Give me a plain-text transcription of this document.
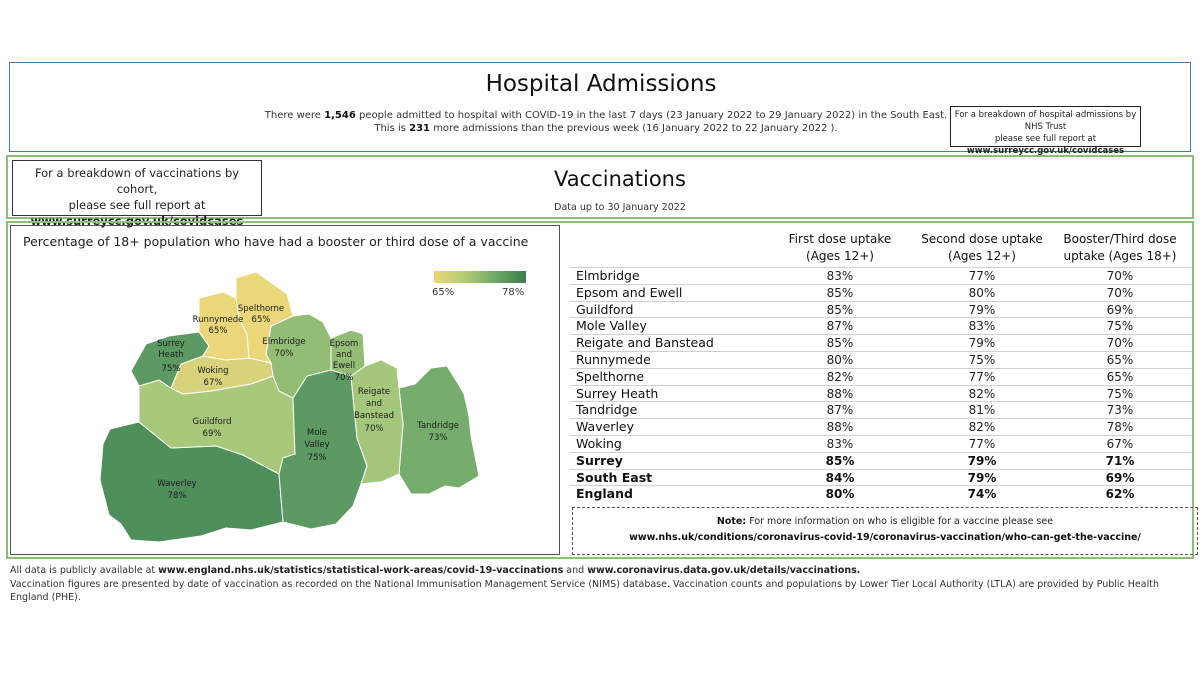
Hospital Admissions
There were 1,546 people admitted to hospital with COVID-19 in the last 7 days (23 January 2022 to 29 January 2022) in the South East.
This is 231 more admissions than the previous week (16 January 2022 to 22 January 2022 ).
For a breakdown of hospital admissions by NHS Trust
please see full report at
www.surreycc.gov.uk/covidcases
For a breakdown of vaccinations by cohort,
please see full report at
www.surreycc.gov.uk/covidcases
Vaccinations
Data up to 30 January 2022
Percentage of 18+ population who have had a booster or third dose of a vaccine
65%	78%
Runnymede
65%
Spelthorne
65%
Surrey
Heath
75%
Elmbridge
70%
Epsom
and
Ewell
70%
Woking
67%
Reigate
and
Banstead
70%
Guildford
69%	Mole
Valley
75%
Tandridge
73%
Waverley
78%
First dose uptake
(Ages 12+)
Second dose uptake
(Ages 12+)
Booster/Third dose
uptake (Ages 18+)
Elmbridge	83%	77%	70%
Epsom and Ewell	85%	80%	70%
Guildford	85%	79%	69%
Mole Valley	87%	83%	75%
Reigate and Banstead	85%	79%	70%
Runnymede	80%	75%	65%
Spelthorne	82%	77%	65%
Surrey Heath	88%	82%	75%
Tandridge	87%	81%	73%
Waverley	88%	82%	78%
Woking	83%	77%	67%
Surrey	85%	79%	71%
South East	84%	79%	69%
England	80%	74%	62%
Note: For more information on who is eligible for a vaccine please see
www.nhs.uk/conditions/coronavirus-covid-19/coronavirus-vaccination/who-can-get-the-vaccine/
All data is publicly available at www.england.nhs.uk/statistics/statistical-work-areas/covid-19-vaccinations and www.coronavirus.data.gov.uk/details/vaccinations.
Vaccination figures are presented by date of vaccination as recorded on the National Immunisation Management Service (NIMS) database. Vaccination counts and populations by Lower Tier Local Authority (LTLA) are provided by Public Health England (PHE).
